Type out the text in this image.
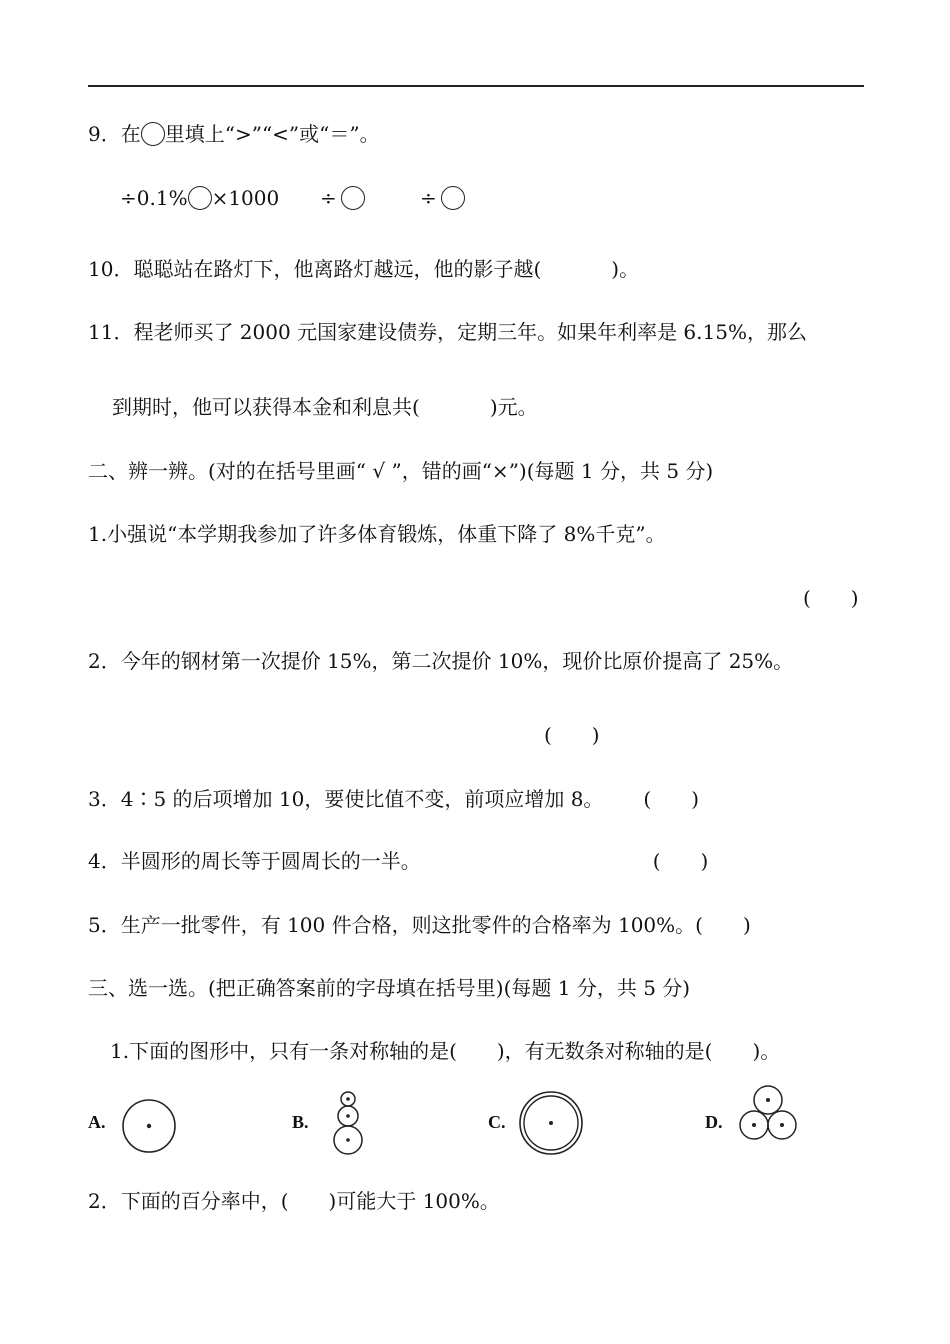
9．在 里填上“>”“<”或“＝”。
÷0.1% ×1000 ÷	÷
10．聪聪站在路灯下，他离路灯越远，他的影子越(	)。
11．程老师买了 2000 元国家建设债券，定期三年。如果年利率是 6.15%，那么
到期时，他可以获得本金和利息共(	)元。
二、辨一辨。(对的在括号里画“ √ ”，错的画“×”)(每题 1 分，共 5 分)
1.小强说“本学期我参加了许多体育锻炼，体重下降了 8%千克”。
(　　)
2．今年的钢材第一次提价 15%，第二次提价 10%，现价比原价提高了 25%。
(　　)
3．4∶5 的后项增加 10，要使比值不变，前项应增加 8。 (　　)
4．半圆形的周长等于圆周长的一半。	(　　)
5．生产一批零件，有 100 件合格，则这批零件的合格率为 100%。(　　)
三、选一选。(把正确答案前的字母填在括号里)(每题 1 分，共 5 分)
1.下面的图形中，只有一条对称轴的是(　　)，有无数条对称轴的是(　　)。
A.	B.	C.	D.
2．下面的百分率中，(　　)可能大于 100%。
